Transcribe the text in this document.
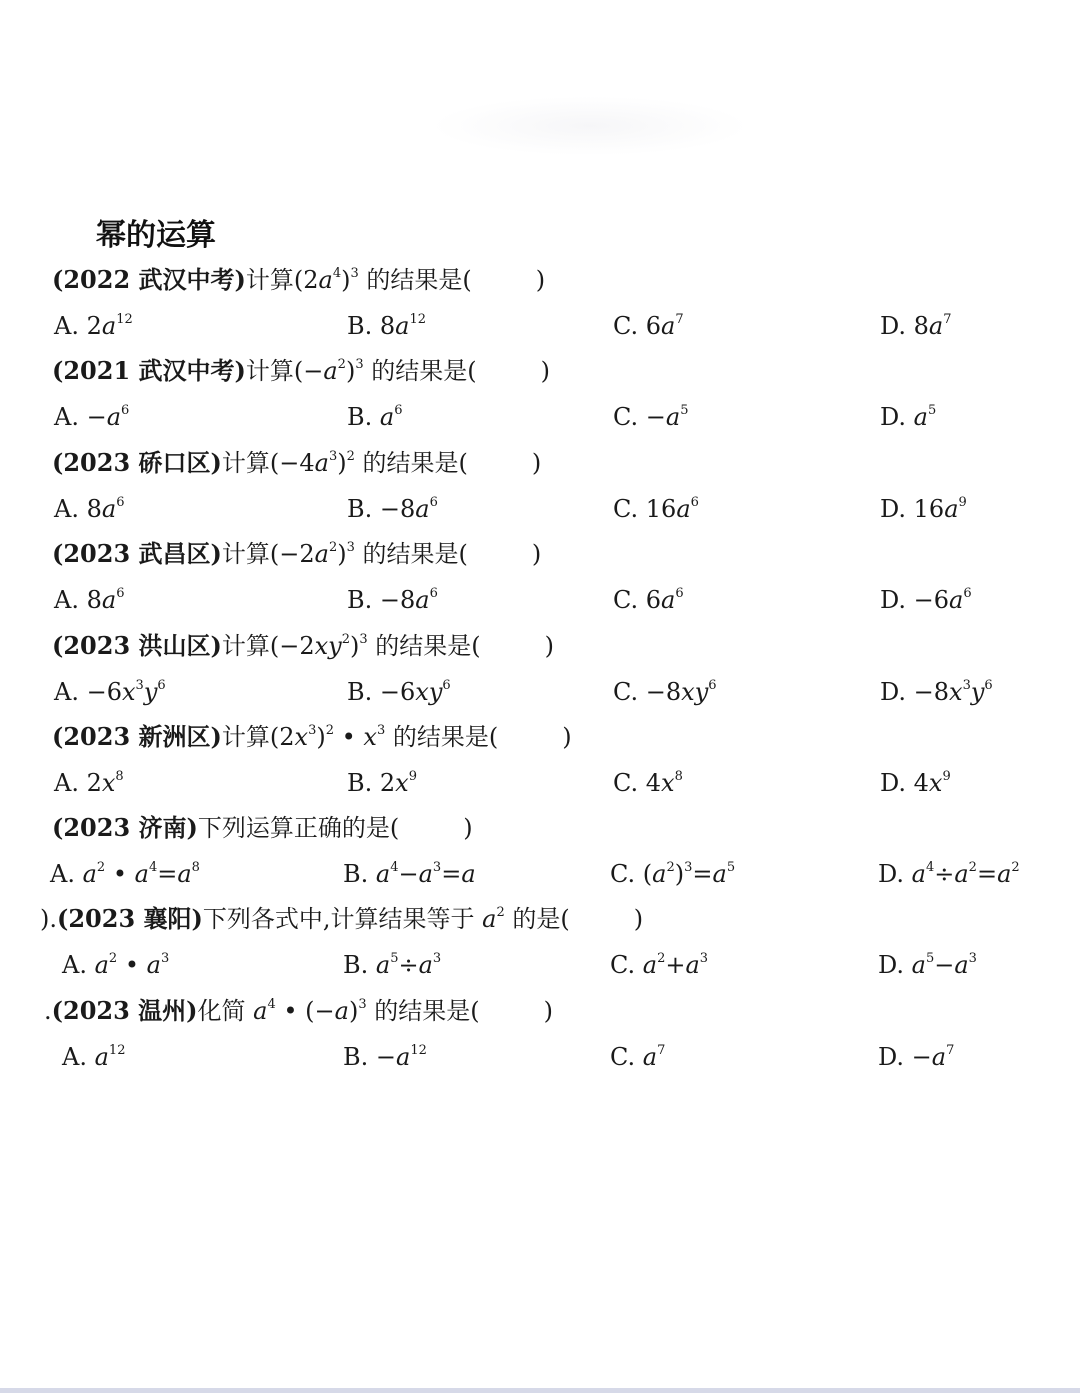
幂的运算
(2022 武汉中考)计算$(2a^4)^3$ 的结果是(	)
A. $2a^{12}$	B. $8a^{12}$	C. $6a^7$	D. $8a^7$
(2021 武汉中考)计算$(-a^2)^3$ 的结果是(	)
A. $-a^6$	B. $a^6$	C. $-a^5$	D. $a^5$
(2023 硚口区)计算$(-4a^3)^2$ 的结果是(	)
A. $8a^6$	B. $-8a^6$	C. $16a^6$	D. $16a^9$
(2023 武昌区)计算$(-2a^2)^3$ 的结果是(	)
A. $8a^6$	B. $-8a^6$	C. $6a^6$	D. $-6a^6$
(2023 洪山区)计算$(-2xy^2)^3$ 的结果是(	)
A. $-6x^3y^6$	B. $-6xy^6$	C. $-8xy^6$	D. $-8x^3y^6$
(2023 新洲区)计算$(2x^3)^2$ • $x^3$ 的结果是(	)
A. $2x^8$	B. $2x^9$	C. $4x^8$	D. $4x^9$
(2023 济南)下列运算正确的是(	)
A. $a^2$ • $a^4=a^8$	B. $a^4-a^3=a$	C. $(a^2)^3=a^5$	D. $a^4\div a^2=a^2$
).(2023 襄阳)下列各式中,计算结果等于 $a^2$ 的是(	)
A. $a^2$ • $a^3$	B. $a^5\div a^3$	C. $a^2+a^3$	D. $a^5-a^3$
.(2023 温州)化简 $a^4$ • $(-a)^3$ 的结果是(	)
A. $a^{12}$	B. $-a^{12}$	C. $a^7$	D. $-a^7$
